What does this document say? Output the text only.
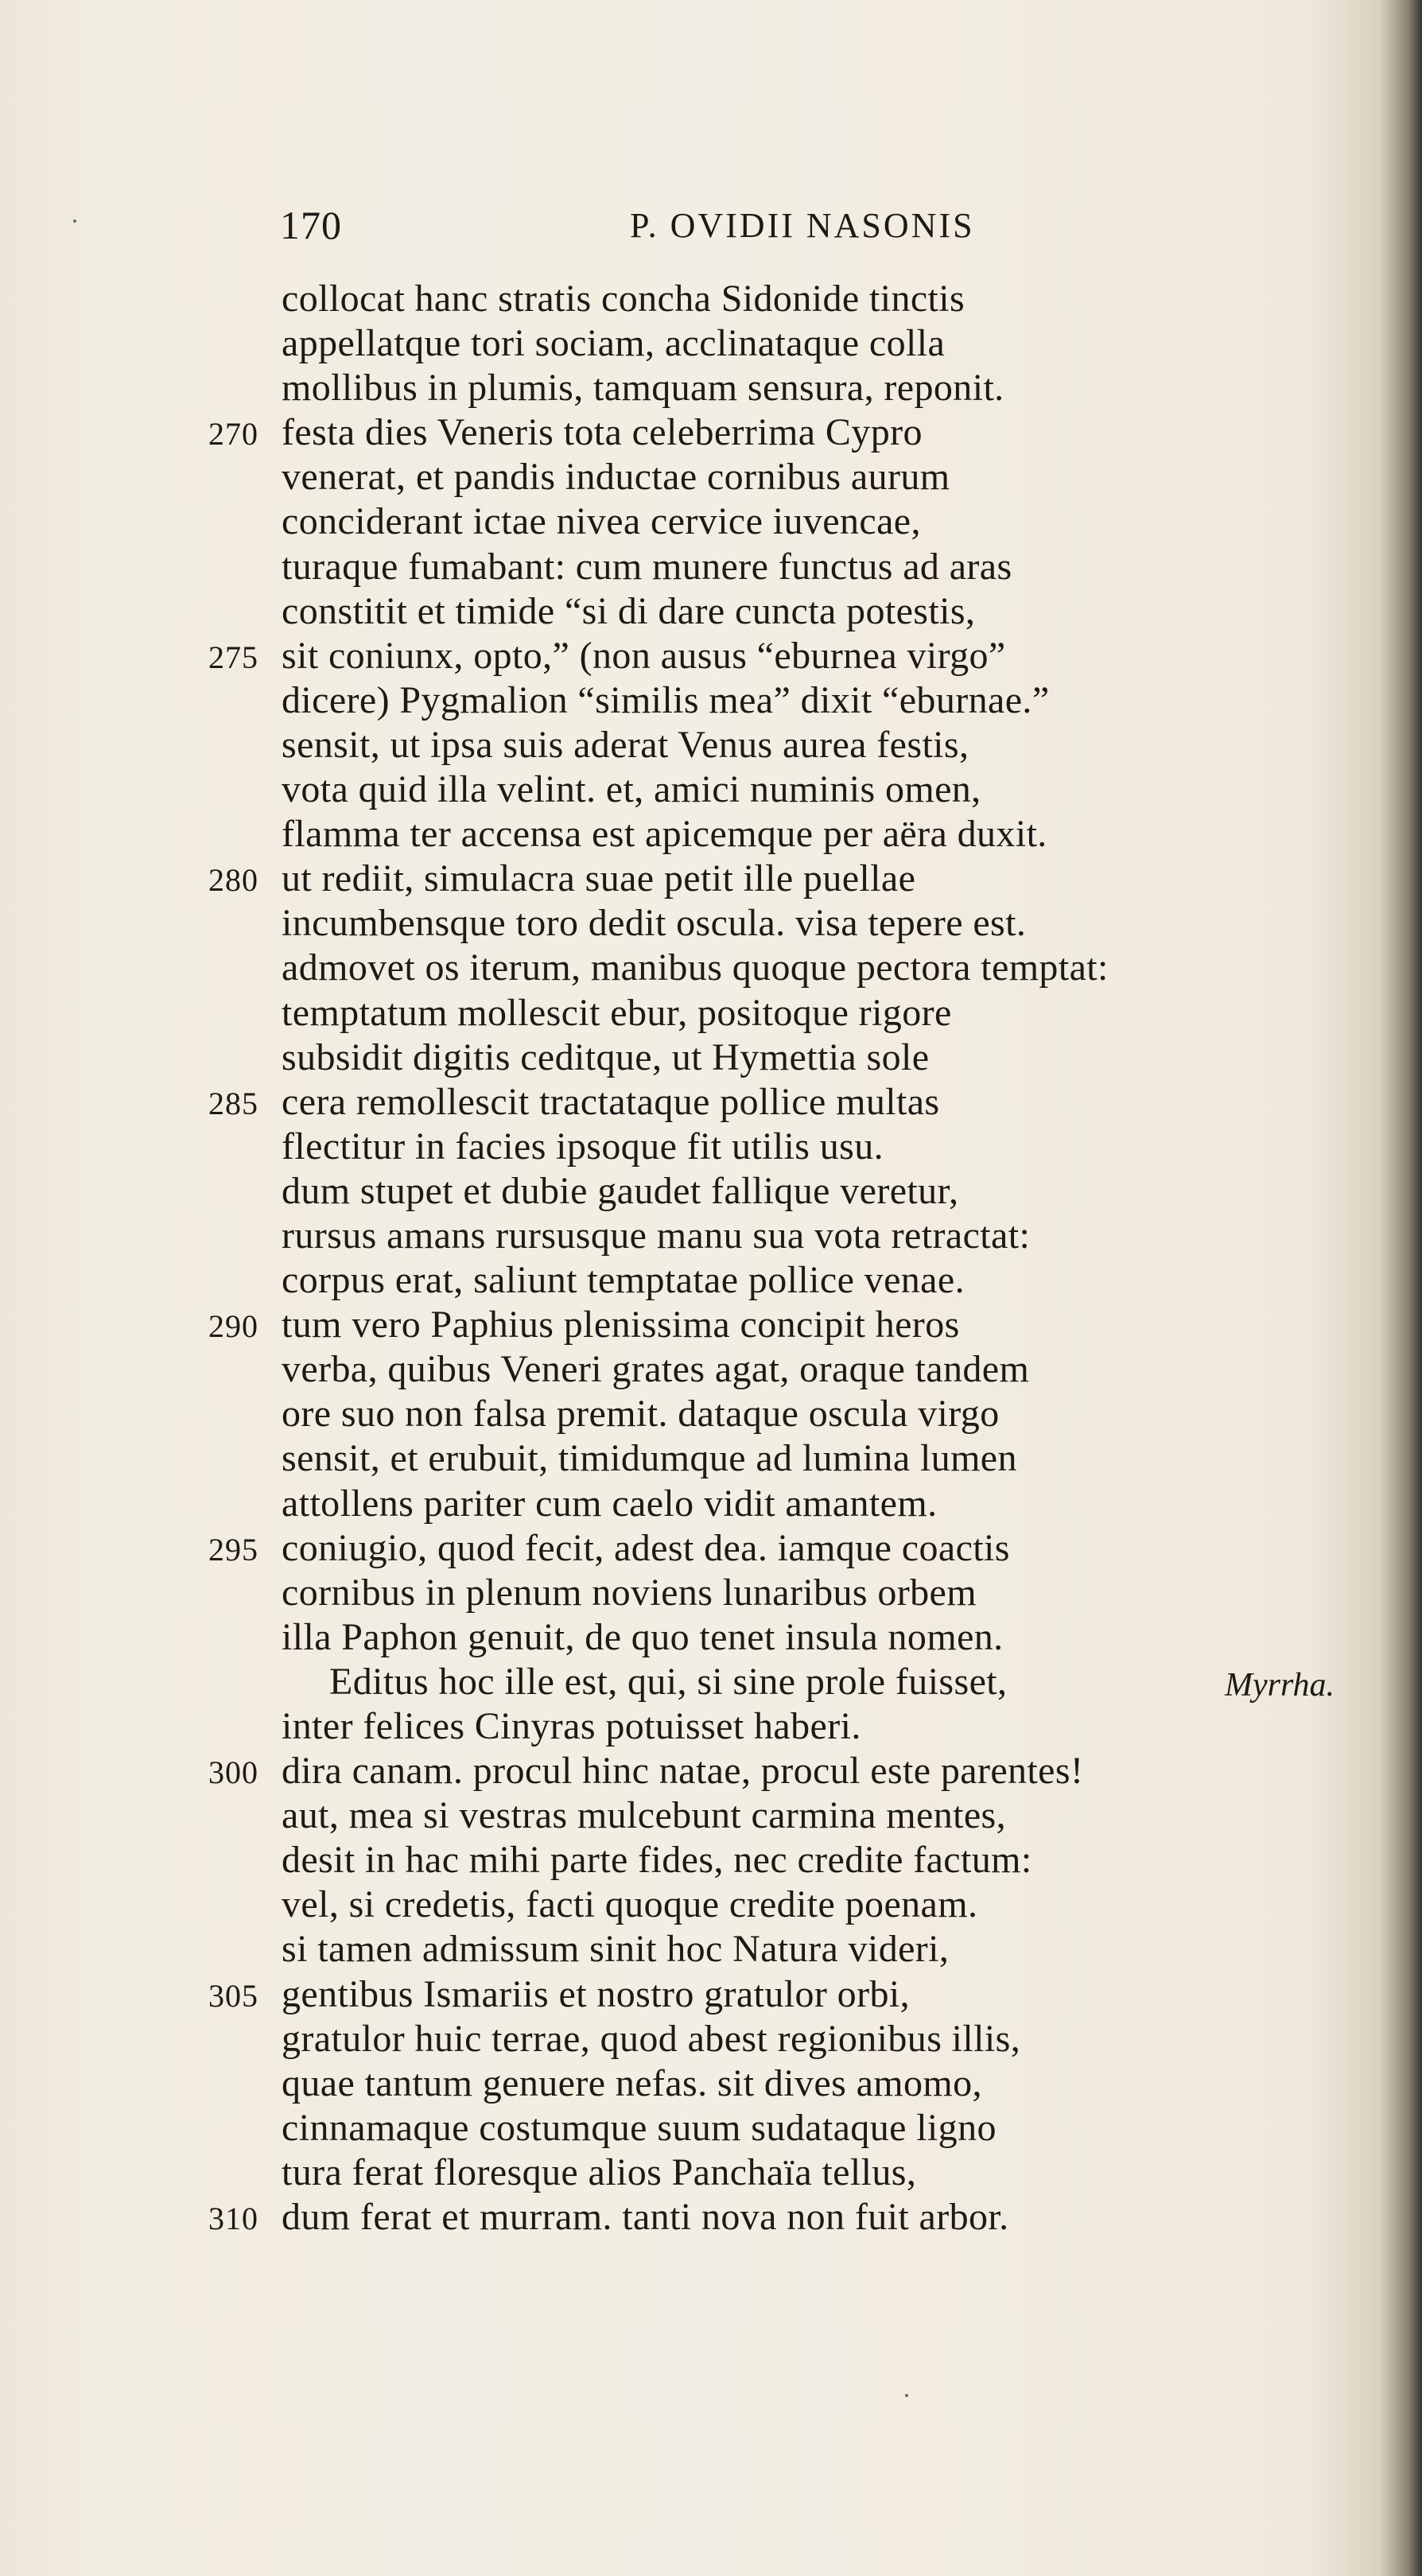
170	P. OVIDII NASONIS
collocat hanc stratis concha Sidonide tinctis
appellatque tori sociam, acclinataque colla
mollibus in plumis, tamquam sensura, reponit.
270 festa dies Veneris tota celeberrima Cypro
venerat, et pandis inductae cornibus aurum
conciderant ictae nivea cervice iuvencae,
turaque fumabant: cum munere functus ad aras
constitit et timide “si di dare cuncta potestis,
275 sit coniunx, opto,” (non ausus “eburnea virgo”
dicere) Pygmalion “similis mea” dixit “eburnae.”
sensit, ut ipsa suis aderat Venus aurea festis,
vota quid illa velint. et, amici numinis omen,
flamma ter accensa est apicemque per aëra duxit.
280 ut rediit, simulacra suae petit ille puellae
incumbensque toro dedit oscula. visa tepere est.
admovet os iterum, manibus quoque pectora temptat:
temptatum mollescit ebur, positoque rigore
subsidit digitis ceditque, ut Hymettia sole
285 cera remollescit tractataque pollice multas
flectitur in facies ipsoque fit utilis usu.
dum stupet et dubie gaudet fallique veretur,
rursus amans rursusque manu sua vota retractat:
corpus erat, saliunt temptatae pollice venae.
290 tum vero Paphius plenissima concipit heros
verba, quibus Veneri grates agat, oraque tandem
ore suo non falsa premit. dataque oscula virgo
sensit, et erubuit, timidumque ad lumina lumen
attollens pariter cum caelo vidit amantem.
295 coniugio, quod fecit, adest dea. iamque coactis
cornibus in plenum noviens lunaribus orbem
illa Paphon genuit, de quo tenet insula nomen.
Editus hoc ille est, qui, si sine prole fuisset,	Myrrha.
inter felices Cinyras potuisset haberi.
300 dira canam. procul hinc natae, procul este parentes!
aut, mea si vestras mulcebunt carmina mentes,
desit in hac mihi parte fides, nec credite factum:
vel, si credetis, facti quoque credite poenam.
si tamen admissum sinit hoc Natura videri,
305 gentibus Ismariis et nostro gratulor orbi,
gratulor huic terrae, quod abest regionibus illis,
quae tantum genuere nefas. sit dives amomo,
cinnamaque costumque suum sudataque ligno
tura ferat floresque alios Panchaïa tellus,
310 dum ferat et murram. tanti nova non fuit arbor.
